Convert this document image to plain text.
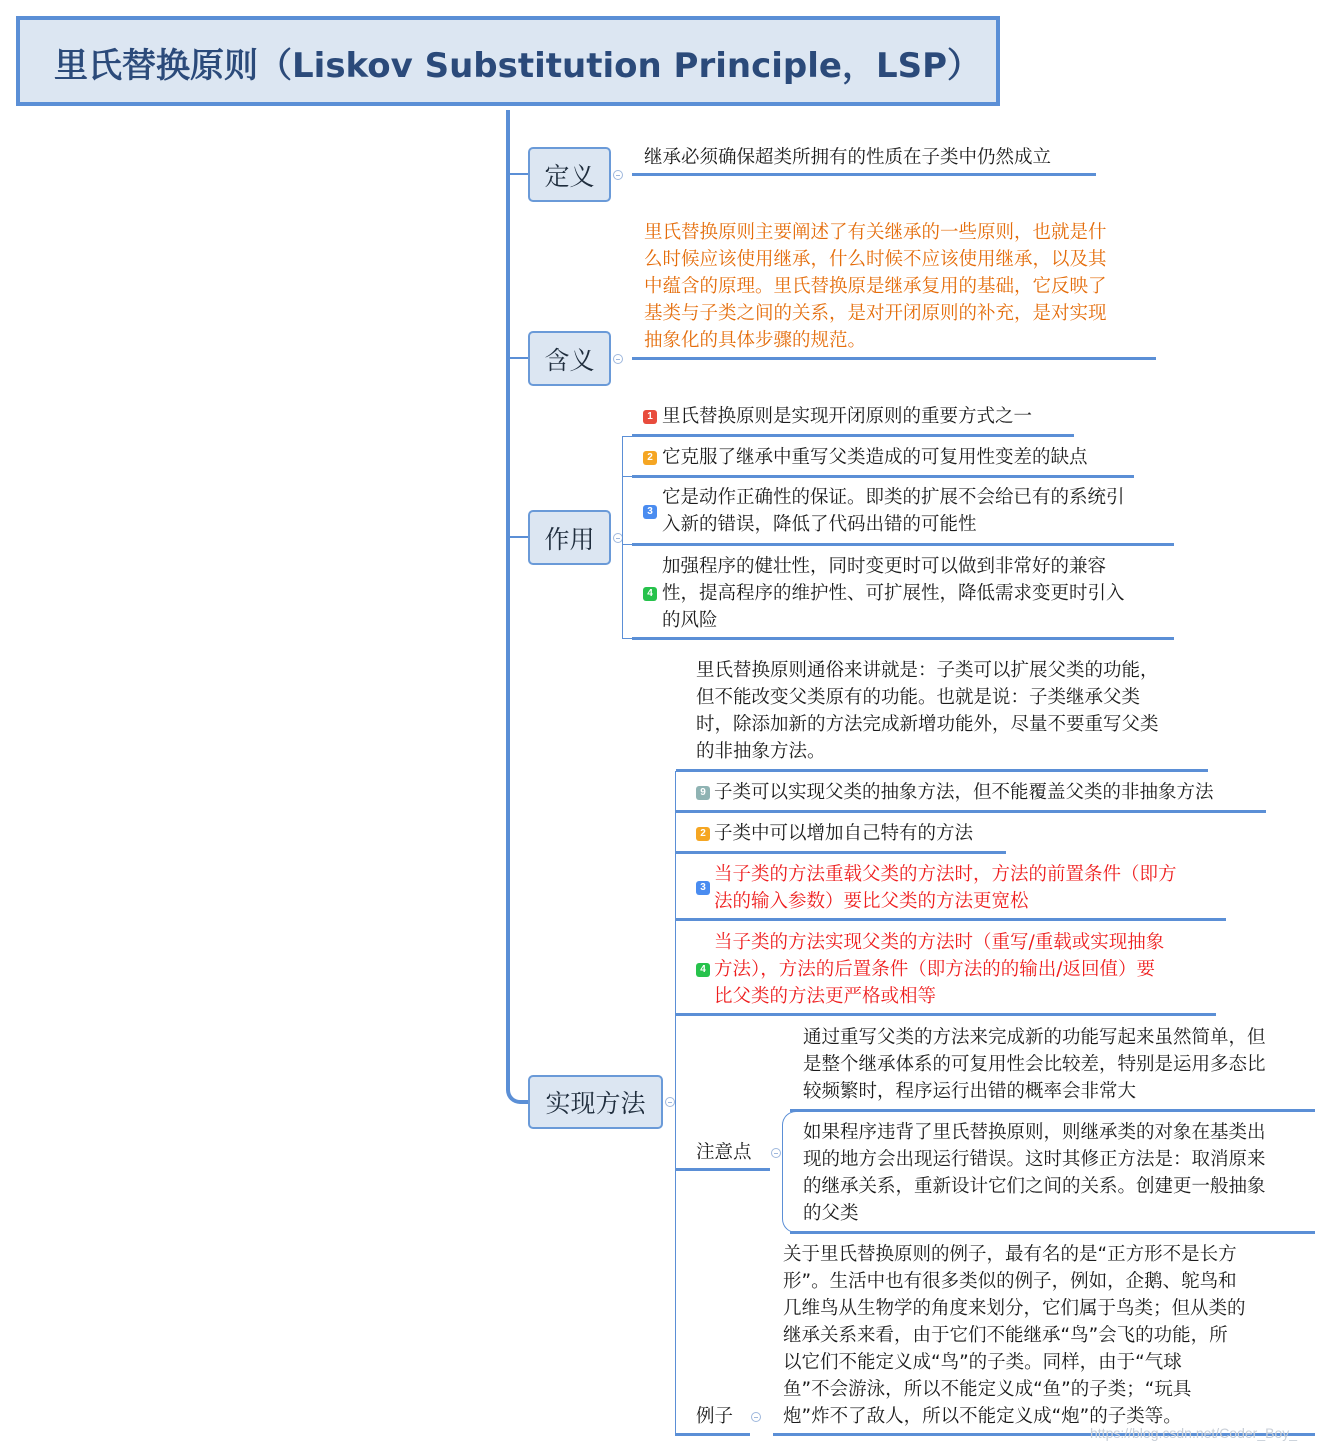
里氏替换原则（Liskov Substitution Principle，LSP）
定义
继承必须确保超类所拥有的性质在子类中仍然成立
含义
里氏替换原则主要阐述了有关继承的一些原则，也就是什
么时候应该使用继承，什么时候不应该使用继承，以及其
中蕴含的原理。里氏替换原是继承复用的基础，它反映了
基类与子类之间的关系，是对开闭原则的补充，是对实现
抽象化的具体步骤的规范。
作用
1 里氏替换原则是实现开闭原则的重要方式之一
2 它克服了继承中重写父类造成的可复用性变差的缺点
3
它是动作正确性的保证。即类的扩展不会给已有的系统引
入新的错误，降低了代码出错的可能性
4
加强程序的健壮性，同时变更时可以做到非常好的兼容
性，提高程序的维护性、可扩展性，降低需求变更时引入
的风险
实现方法
里氏替换原则通俗来讲就是：子类可以扩展父类的功能，
但不能改变父类原有的功能。也就是说：子类继承父类
时，除添加新的方法完成新增功能外，尽量不要重写父类
的非抽象方法。
9 子类可以实现父类的抽象方法，但不能覆盖父类的非抽象方法
2 子类中可以增加自己特有的方法
3
当子类的方法重载父类的方法时，方法的前置条件（即方
法的输入参数）要比父类的方法更宽松
4
当子类的方法实现父类的方法时（重写/重载或实现抽象
方法），方法的后置条件（即方法的的输出/返回值）要
比父类的方法更严格或相等
注意点
通过重写父类的方法来完成新的功能写起来虽然简单，但
是整个继承体系的可复用性会比较差，特别是运用多态比
较频繁时，程序运行出错的概率会非常大
如果程序违背了里氏替换原则，则继承类的对象在基类出
现的地方会出现运行错误。这时其修正方法是：取消原来
的继承关系，重新设计它们之间的关系。创建更一般抽象
的父类
例子
关于里氏替换原则的例子，最有名的是“正方形不是长方
形”。生活中也有很多类似的例子，例如，企鹅、鸵鸟和
几维鸟从生物学的角度来划分，它们属于鸟类；但从类的
继承关系来看，由于它们不能继承“鸟”会飞的功能，所
以它们不能定义成“鸟”的子类。同样，由于“气球
鱼”不会游泳，所以不能定义成“鱼”的子类；“玩具
炮”炸不了敌人，所以不能定义成“炮”的子类等。
https://blog.csdn.net/Coder_Boy_
